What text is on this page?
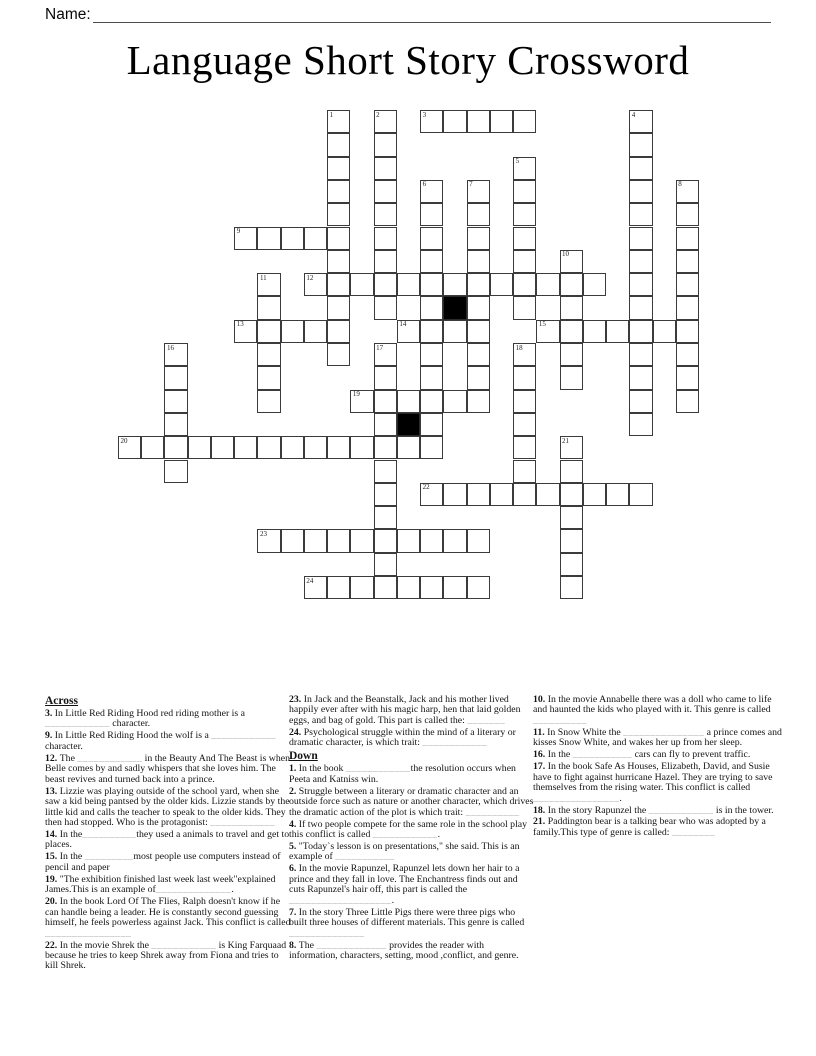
Name:
Language Short Story Crossword
3
9
12
13	14	15
19
20
22
23
24
1	2	4
5
6	7	8
10
11
16	17	18
21
Across

3. In Little Red Riding Hood red riding mother is a ____________ character.

9. In Little Red Riding Hood the wolf is a ____________ character.

12. The ____________ in the Beauty And The Beast is when Belle comes by and sadly whispers that she loves him. The beast revives and turned back into a prince.

13. Lizzie was playing outside of the school yard, when she saw a kid being pantsed by the older kids. Lizzie stands by the little kid and calls the teacher to speak to the older kids. They then had stopped. Who is the protagonist: ____________

14. In the__________they used a animals to travel and get to places.

15. In the _________most people use computers instead of pencil and paper

19. "The exhibition finished last week last week"explained James.This is an example of______________.

20. In the book Lord Of The Flies, Ralph doesn't know if he can handle being a leader. He is constantly second guessing himself, he feels powerless against Jack. This conflict is called ________________

22. In the movie Shrek the ____________ is King Farquaad because he tries to keep Shrek away from Fiona and tries to kill Shrek.

23. In Jack and the Beanstalk, Jack and his mother lived happily ever after with his magic harp, hen that laid golden eggs, and bag of gold. This part is called the: _______

24. Psychological struggle within the mind of a literary or dramatic character, is which trait: ____________

Down

1. In the book ____________the resolution occurs when Peeta and Katniss win.

2. Struggle between a literary or dramatic character and an outside force such as nature or another character, which drives the dramatic action of the plot is which trait: __________

4. If two people compete for the same role in the school play this conflict is called ____________.

5. "Today`s lesson is on presentations," she said. This is an example of ___________

6. In the movie Rapunzel, Rapunzel lets down her hair to a prince and they fall in love. The Enchantress finds out and cuts Rapunzel's hair off, this part is called the ___________________.

7. In the story Three Little Pigs there were three pigs who built three houses of different materials. This genre is called ______________

8. The _____________ provides the reader with information, characters, setting, mood ,conflict, and genre.

10. In the movie Annabelle there was a doll who came to life and haunted the kids who played with it. This genre is called __________

11. In Snow White the _______________ a prince comes and kisses Snow White, and wakes her up from her sleep.

16. In the ___________ cars can fly to prevent traffic.

17. In the book Safe As Houses, Elizabeth, David, and Susie have to fight against hurricane Hazel. They are trying to save themselves from the rising water. This conflict is called ________________.

18. In the story Rapunzel the ____________ is in the tower.

21. Paddington bear is a talking bear who was adopted by a family.This type of genre is called: ________
